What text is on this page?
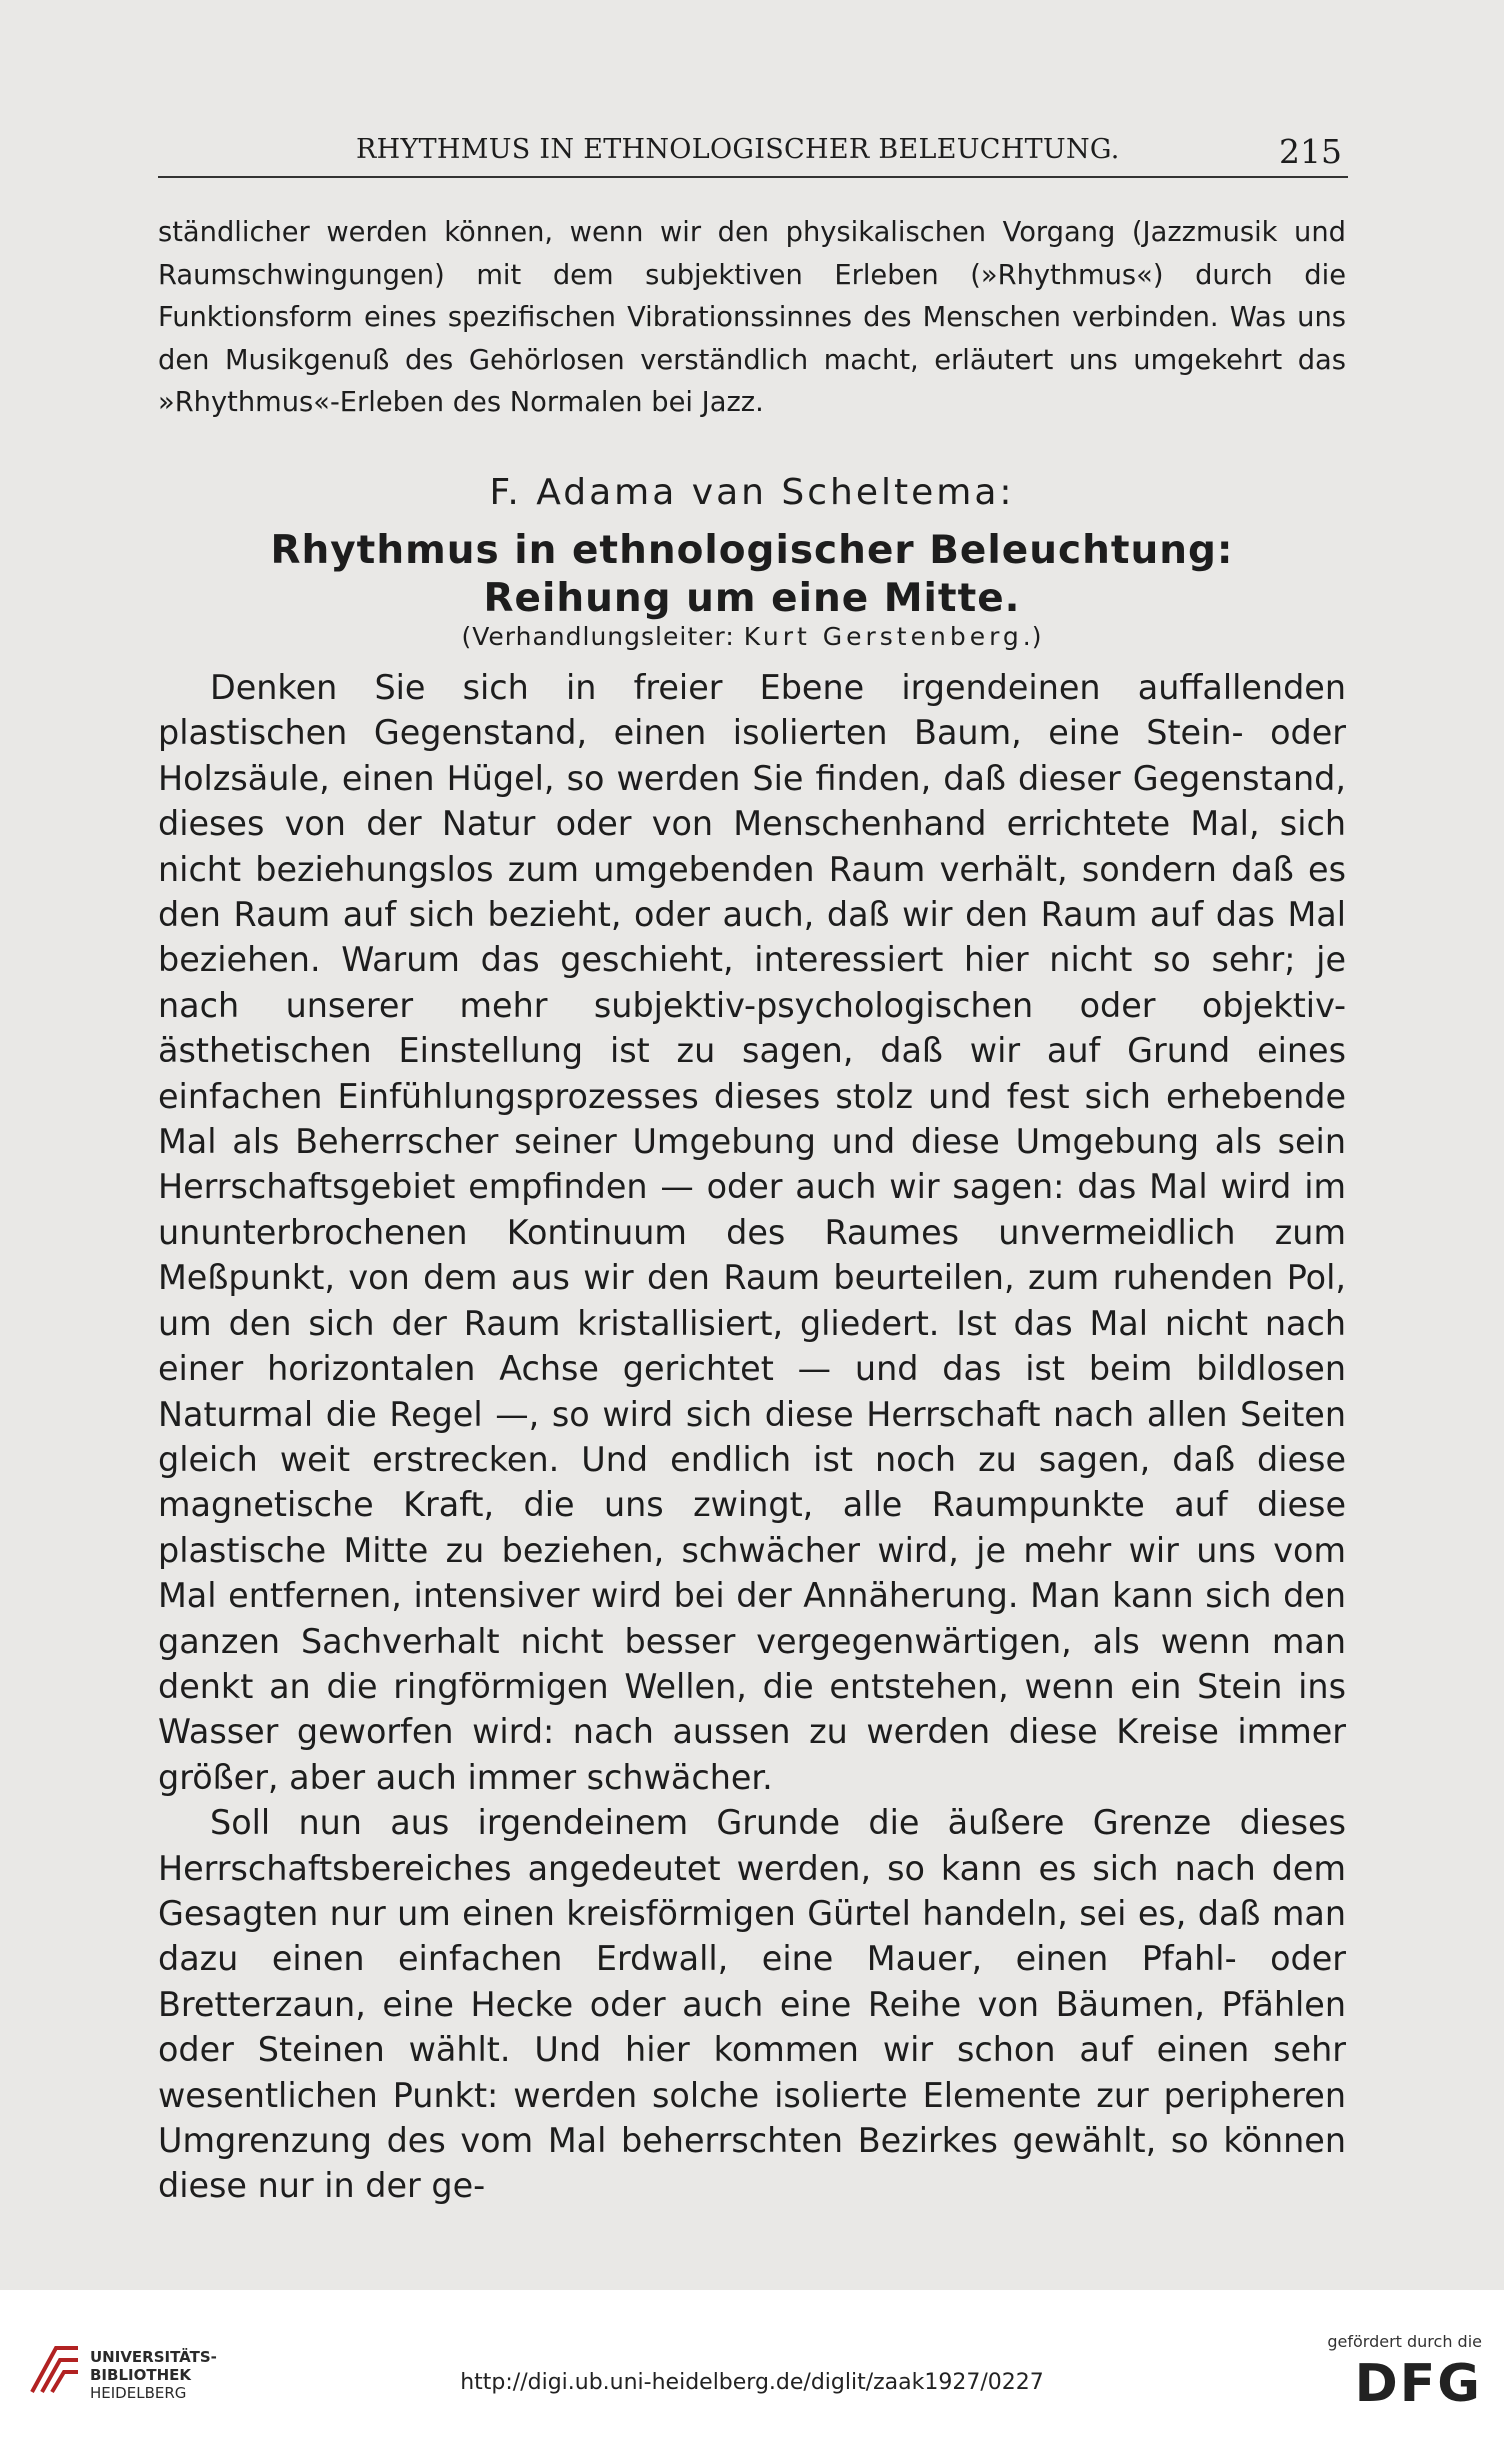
RHYTHMUS IN ETHNOLOGISCHER BELEUCHTUNG.	215

ständlicher werden können, wenn wir den physikalischen Vorgang (Jazzmusik und Raumschwingungen) mit dem subjektiven Erleben (»Rhythmus«) durch die Funktionsform eines spezifischen Vibrationssinnes des Menschen verbinden. Was uns den Musikgenuß des Gehörlosen verständlich macht, erläutert uns umgekehrt das »Rhythmus«-Erleben des Normalen bei Jazz.

F. Adama van Scheltema:
Rhythmus in ethnologischer Beleuchtung:
Reihung um eine Mitte.
(Verhandlungsleiter: Kurt Gerstenberg.)

Denken Sie sich in freier Ebene irgendeinen auffallenden plastischen Gegenstand, einen isolierten Baum, eine Stein- oder Holzsäule, einen Hügel, so werden Sie finden, daß dieser Gegenstand, dieses von der Natur oder von Menschenhand errichtete Mal, sich nicht beziehungslos zum umgebenden Raum verhält, sondern daß es den Raum auf sich bezieht, oder auch, daß wir den Raum auf das Mal beziehen. Warum das geschieht, interessiert hier nicht so sehr; je nach unserer mehr subjektiv-psychologischen oder objektiv-ästhetischen Einstellung ist zu sagen, daß wir auf Grund eines einfachen Einfühlungsprozesses dieses stolz und fest sich erhebende Mal als Beherrscher seiner Umgebung und diese Umgebung als sein Herrschaftsgebiet empfinden — oder auch wir sagen: das Mal wird im ununterbrochenen Kontinuum des Raumes unvermeidlich zum Meßpunkt, von dem aus wir den Raum beurteilen, zum ruhenden Pol, um den sich der Raum kristallisiert, gliedert. Ist das Mal nicht nach einer horizontalen Achse gerichtet — und das ist beim bildlosen Naturmal die Regel —, so wird sich diese Herrschaft nach allen Seiten gleich weit erstrecken. Und endlich ist noch zu sagen, daß diese magnetische Kraft, die uns zwingt, alle Raumpunkte auf diese plastische Mitte zu beziehen, schwächer wird, je mehr wir uns vom Mal entfernen, intensiver wird bei der Annäherung. Man kann sich den ganzen Sachverhalt nicht besser vergegenwärtigen, als wenn man denkt an die ringförmigen Wellen, die entstehen, wenn ein Stein ins Wasser geworfen wird: nach aussen zu werden diese Kreise immer größer, aber auch immer schwächer.

Soll nun aus irgendeinem Grunde die äußere Grenze dieses Herrschaftsbereiches angedeutet werden, so kann es sich nach dem Gesagten nur um einen kreisförmigen Gürtel handeln, sei es, daß man dazu einen einfachen Erdwall, eine Mauer, einen Pfahl- oder Bretterzaun, eine Hecke oder auch eine Reihe von Bäumen, Pfählen oder Steinen wählt. Und hier kommen wir schon auf einen sehr wesentlichen Punkt: werden solche isolierte Elemente zur peripheren Umgrenzung des vom Mal beherrschten Bezirkes gewählt, so können diese nur in der ge-

UNIVERSITÄTS-
BIBLIOTHEK
HEIDELBERG	http://digi.ub.uni-heidelberg.de/diglit/zaak1927/0227
gefördert durch die
DFG
